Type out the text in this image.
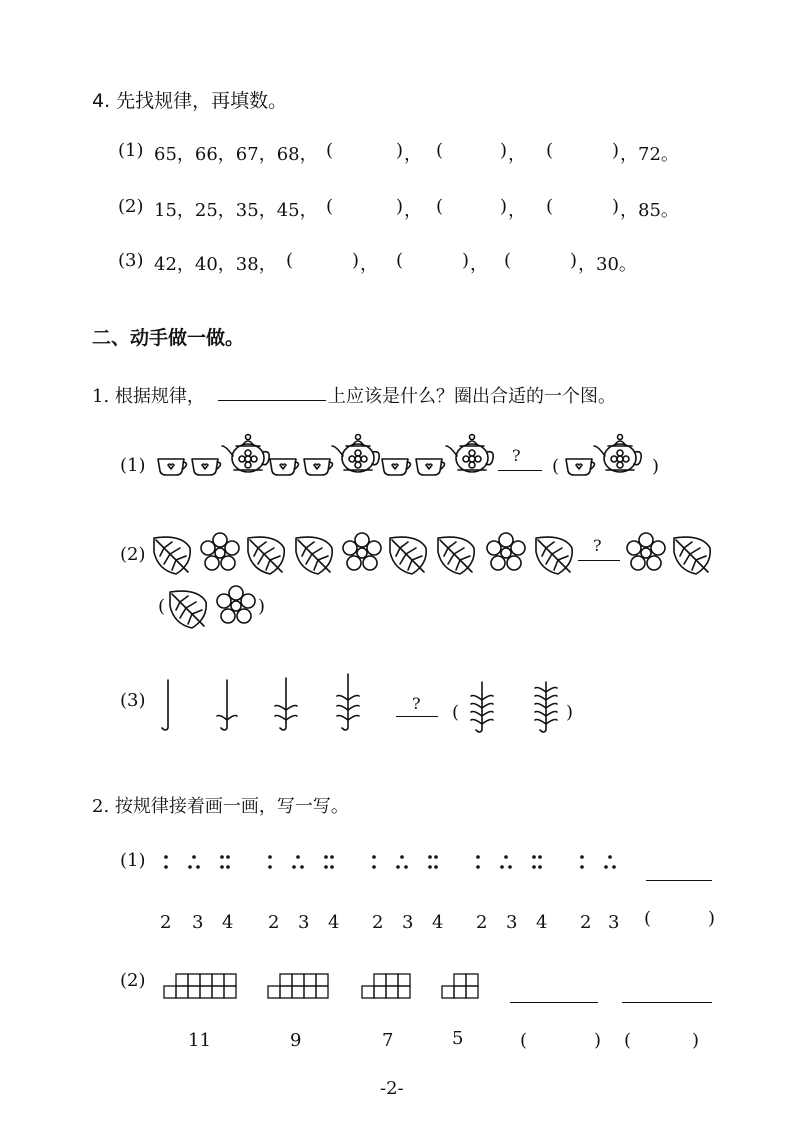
4. 先找规律，再填数。
(1) 65，66，67，68， (	) ， (	) ， (	) ，72。
(2) 15，25，35，45， (	) ， (	) ， (	) ，85。
(3) 42，40，38， (	) ， (	) ， (	) ，30。
二、动手做一做。
1. 根据规律，	上应该是什么？圈出合适的一个图。
(1)	?
(	)
(2)	?
(	)
(3)	? (	)
2. 按规律接着画一画，写一写。
(1)
2 3 4 2 3 4 2 3 4 2 3 4 2 3 (	)
(2)
11	9	7	5	(	) (	)
-2-
